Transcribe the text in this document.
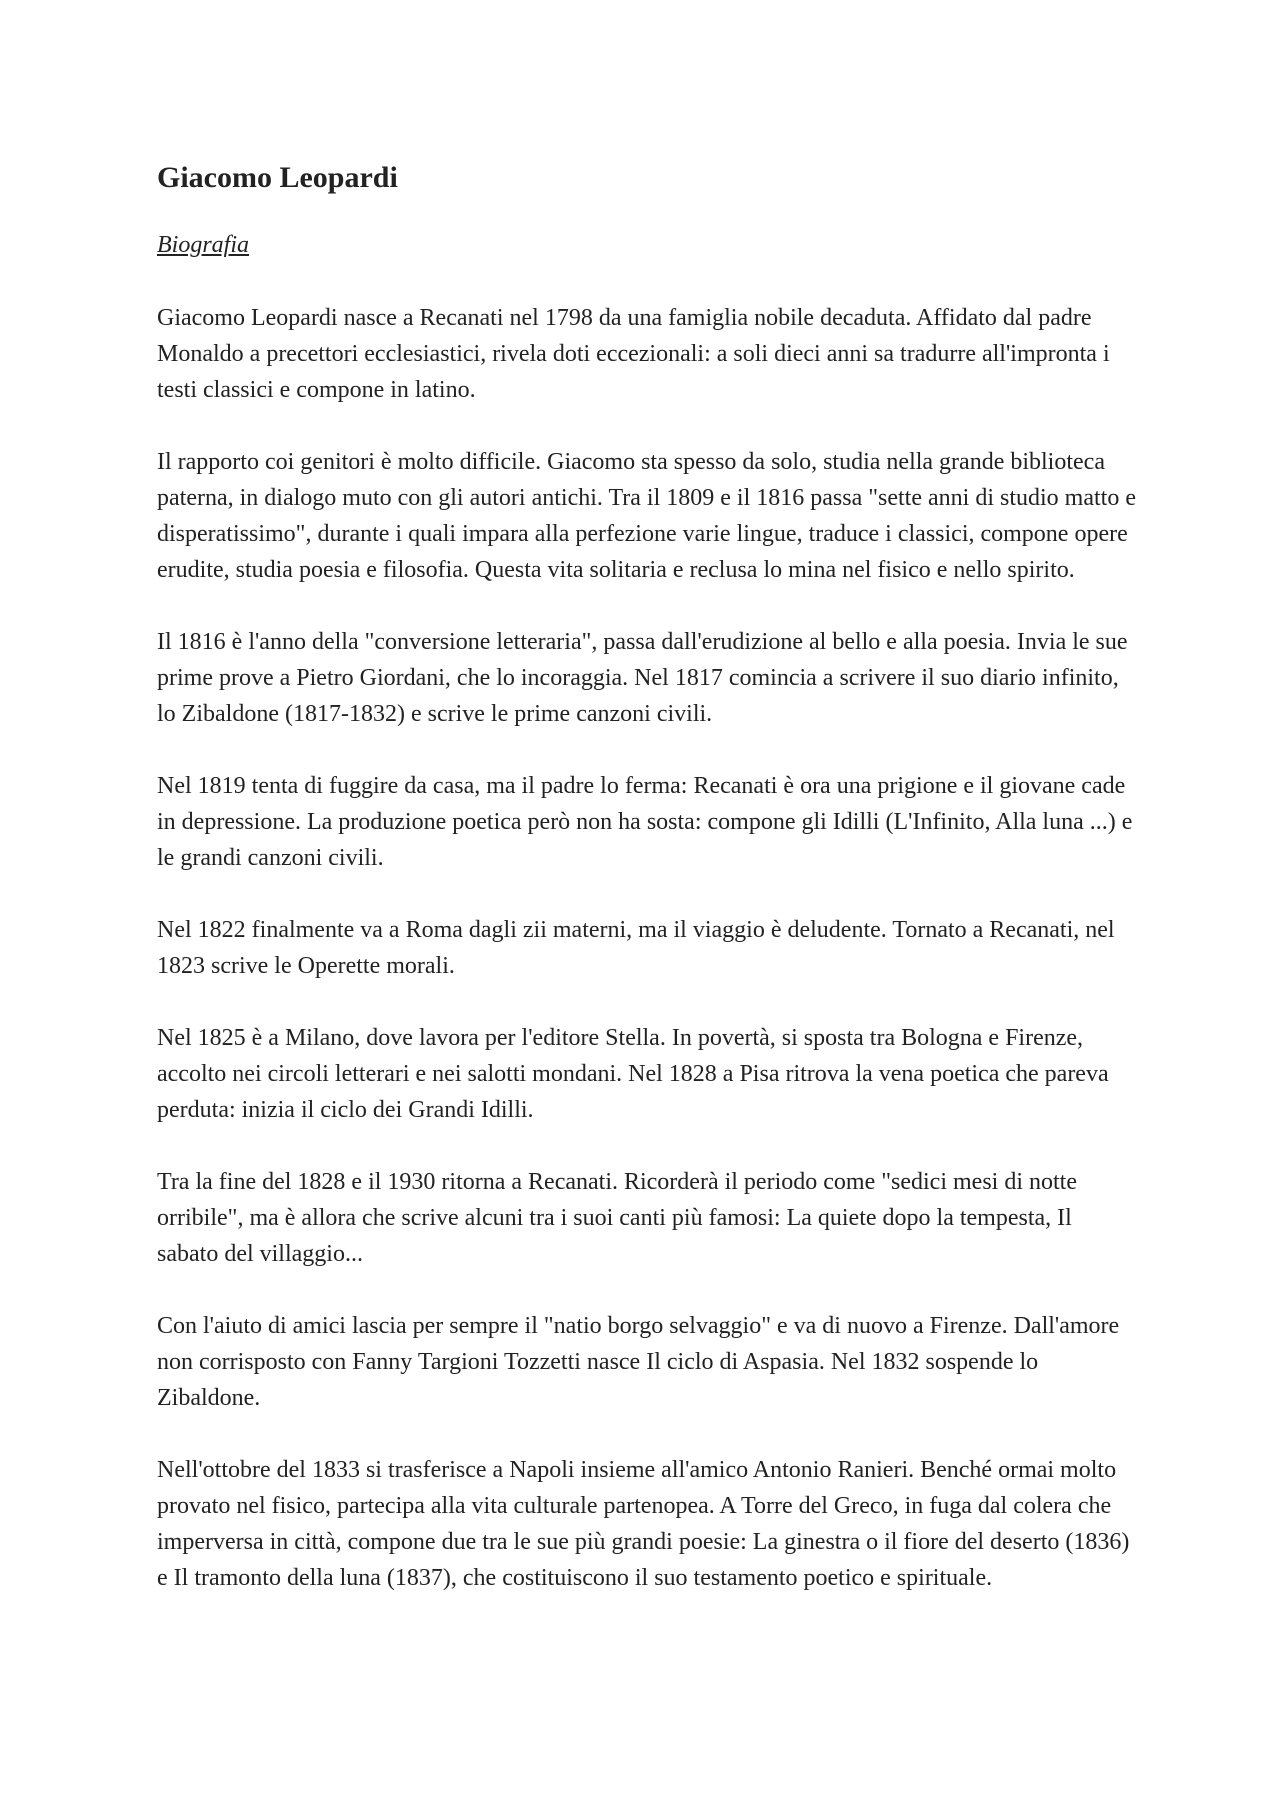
Giacomo Leopardi
Biografia

Giacomo Leopardi nasce a Recanati nel 1798 da una famiglia nobile decaduta. Affidato dal padre Monaldo a precettori ecclesiastici, rivela doti eccezionali: a soli dieci anni sa tradurre all'impronta i testi classici e compone in latino.

Il rapporto coi genitori è molto difficile. Giacomo sta spesso da solo, studia nella grande biblioteca paterna, in dialogo muto con gli autori antichi. Tra il 1809 e il 1816 passa "sette anni di studio matto e disperatissimo", durante i quali impara alla perfezione varie lingue, traduce i classici, compone opere erudite, studia poesia e filosofia. Questa vita solitaria e reclusa lo mina nel fisico e nello spirito.

Il 1816 è l'anno della "conversione letteraria", passa dall'erudizione al bello e alla poesia. Invia le sue prime prove a Pietro Giordani, che lo incoraggia. Nel 1817 comincia a scrivere il suo diario infinito, lo Zibaldone (1817-1832) e scrive le prime canzoni civili.

Nel 1819 tenta di fuggire da casa, ma il padre lo ferma: Recanati è ora una prigione e il giovane cade in depressione. La produzione poetica però non ha sosta: compone gli Idilli (L'Infinito, Alla luna ...) e le grandi canzoni civili.

Nel 1822 finalmente va a Roma dagli zii materni, ma il viaggio è deludente. Tornato a Recanati, nel 1823 scrive le Operette morali.

Nel 1825 è a Milano, dove lavora per l'editore Stella. In povertà, si sposta tra Bologna e Firenze, accolto nei circoli letterari e nei salotti mondani. Nel 1828 a Pisa ritrova la vena poetica che pareva perduta: inizia il ciclo dei Grandi Idilli.

Tra la fine del 1828 e il 1930 ritorna a Recanati. Ricorderà il periodo come "sedici mesi di notte orribile", ma è allora che scrive alcuni tra i suoi canti più famosi: La quiete dopo la tempesta, Il sabato del villaggio...

Con l'aiuto di amici lascia per sempre il "natio borgo selvaggio" e va di nuovo a Firenze. Dall'amore non corrisposto con Fanny Targioni Tozzetti nasce Il ciclo di Aspasia. Nel 1832 sospende lo Zibaldone.

Nell'ottobre del 1833 si trasferisce a Napoli insieme all'amico Antonio Ranieri. Benché ormai molto provato nel fisico, partecipa alla vita culturale partenopea. A Torre del Greco, in fuga dal colera che imperversa in città, compone due tra le sue più grandi poesie: La ginestra o il fiore del deserto (1836) e Il tramonto della luna (1837), che costituiscono il suo testamento poetico e spirituale.
